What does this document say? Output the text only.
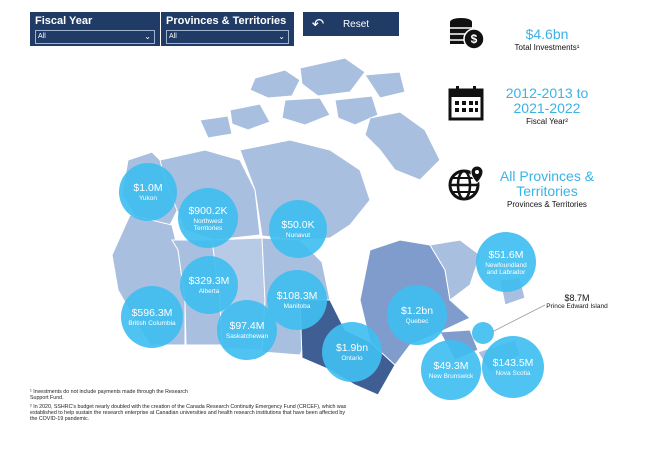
Fiscal Year
All	⌄
Provinces & Territories
All	⌄
↶	Reset
$	$4.6bn
Total Investments¹
2012-2013 to
2021-2022
Fiscal Year²
All Provinces &
Territories
Provinces & Territories
$1.0M
Yukon
$900.2K
Northwest Territories	$50.0K
Nunavut
$51.6M
Newfoundland and Labrador
$329.3M
Alberta	$108.3M
Manitoba
$596.3M
British Columbia	$97.4M
Saskatchewan
$1.2bn
Quebec
$1.9bn
Ontario
$49.3M
New Brunswick
$143.5M
Nova Scotia
$8.7M
Prince Edward Island

¹ Investments do not include payments made through the Research Support Fund.

² In 2020, SSHRC's budget nearly doubled with the creation of the Canada Research Continuity Emergency Fund (CRCEF), which was established to help sustain the research enterprise at Canadian universities and health research institutions that have been affected by the COVID-19 pandemic.
